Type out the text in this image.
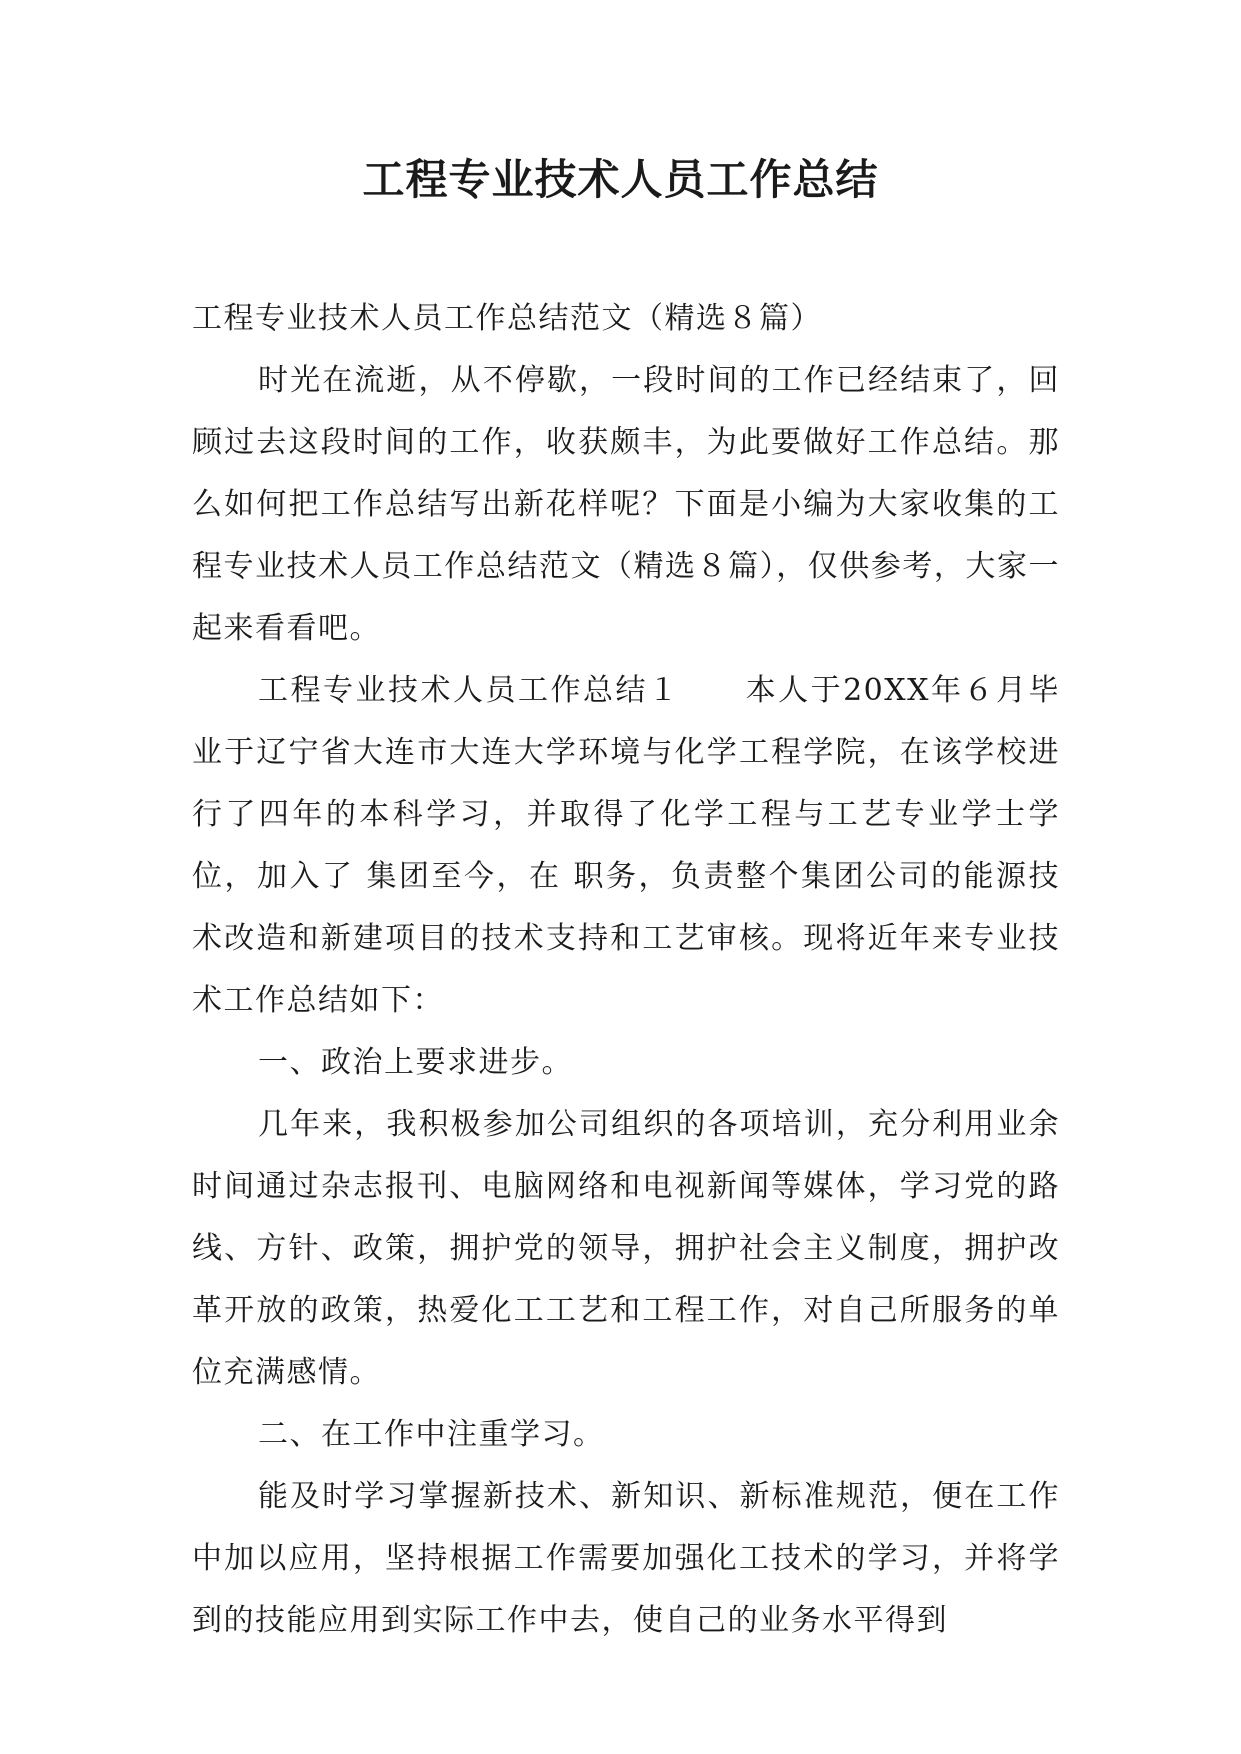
工程专业技术人员工作总结

工程专业技术人员工作总结范文（精选８篇）

时光在流逝，从不停歇，一段时间的工作已经结束了，回顾过去这段时间的工作，收获颇丰，为此要做好工作总结。那么如何把工作总结写出新花样呢？下面是小编为大家收集的工程专业技术人员工作总结范文（精选８篇），仅供参考，大家一起来看看吧。

工程专业技术人员工作总结１　　本人于20XX年６月毕业于辽宁省大连市大连大学环境与化学工程学院，在该学校进行了四年的本科学习，并取得了化学工程与工艺专业学士学位，加入了 集团至今，在 职务，负责整个集团公司的能源技术改造和新建项目的技术支持和工艺审核。现将近年来专业技术工作总结如下：

一、政治上要求进步。

几年来，我积极参加公司组织的各项培训，充分利用业余时间通过杂志报刊、电脑网络和电视新闻等媒体，学习党的路线、方针、政策，拥护党的领导，拥护社会主义制度，拥护改革开放的政策，热爱化工工艺和工程工作，对自己所服务的单位充满感情。

二、在工作中注重学习。

能及时学习掌握新技术、新知识、新标准规范，便在工作中加以应用，坚持根据工作需要加强化工技术的学习，并将学到的技能应用到实际工作中去，使自己的业务水平得到
